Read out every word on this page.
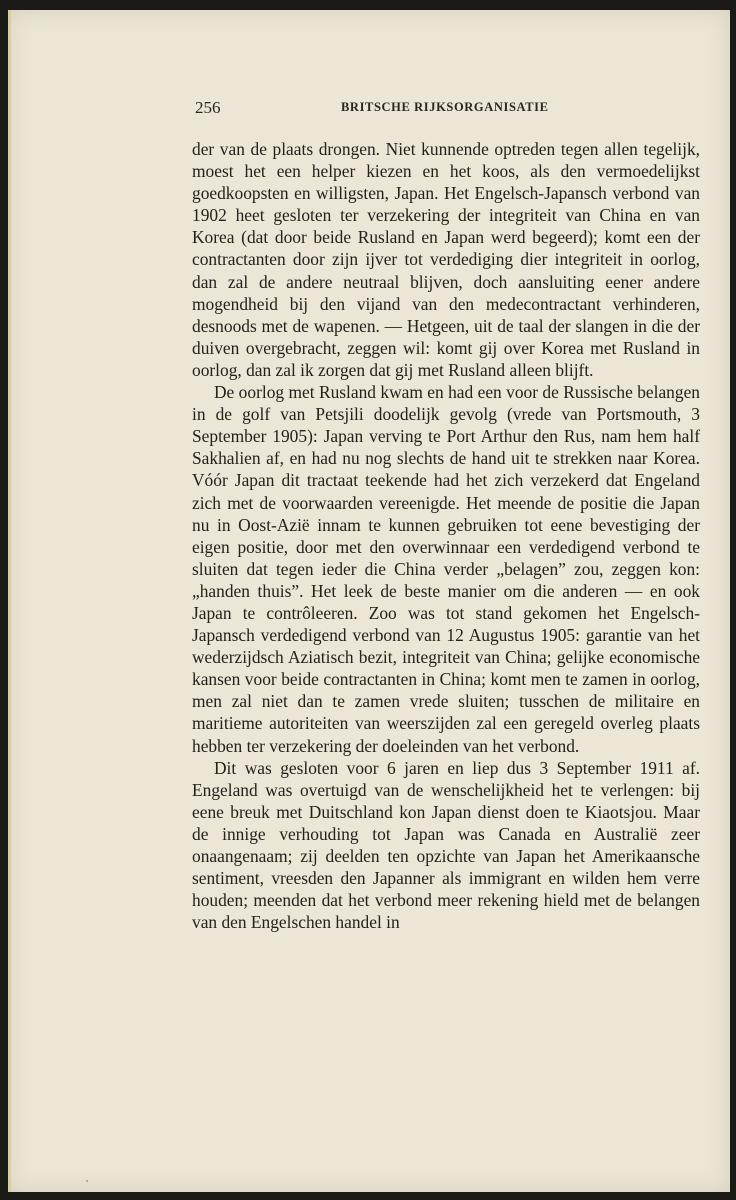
256	BRITSCHE RIJKSORGANISATIE

der van de plaats drongen. Niet kunnende optreden tegen allen tegelijk, moest het een helper kiezen en het koos, als den vermoedelijkst goedkoopsten en willigsten, Japan. Het Engelsch-Japansch verbond van 1902 heet gesloten ter verzekering der integriteit van China en van Korea (dat door beide Rusland en Japan werd begeerd); komt een der contractanten door zijn ijver tot verdediging dier integriteit in oorlog, dan zal de andere neutraal blijven, doch aansluiting eener andere mogendheid bij den vijand van den medecontractant verhinderen, desnoods met de wapenen. — Hetgeen, uit de taal der slangen in die der duiven overgebracht, zeggen wil: komt gij over Korea met Rusland in oorlog, dan zal ik zorgen dat gij met Rusland alleen blijft.

De oorlog met Rusland kwam en had een voor de Russische belangen in de golf van Petsjili doodelijk gevolg (vrede van Portsmouth, 3 September 1905): Japan verving te Port Arthur den Rus, nam hem half Sakhalien af, en had nu nog slechts de hand uit te strekken naar Korea. Vóór Japan dit tractaat teekende had het zich verzekerd dat Engeland zich met de voorwaarden vereenigde. Het meende de positie die Japan nu in Oost-Azië innam te kunnen gebruiken tot eene bevestiging der eigen positie, door met den overwinnaar een verdedigend verbond te sluiten dat tegen ieder die China verder „belagen” zou, zeggen kon: „handen thuis”. Het leek de beste manier om die anderen — en ook Japan te contrôleeren. Zoo was tot stand gekomen het Engelsch-Japansch verdedigend verbond van 12 Augustus 1905: garantie van het wederzijdsch Aziatisch bezit, integriteit van China; gelijke economische kansen voor beide contractanten in China; komt men te zamen in oorlog, men zal niet dan te zamen vrede sluiten; tusschen de militaire en maritieme autoriteiten van weerszijden zal een geregeld overleg plaats hebben ter verzekering der doeleinden van het verbond.

Dit was gesloten voor 6 jaren en liep dus 3 September 1911 af. Engeland was overtuigd van de wenschelijkheid het te verlengen: bij eene breuk met Duitschland kon Japan dienst doen te Kiaotsjou. Maar de innige verhouding tot Japan was Canada en Australië zeer onaangenaam; zij deelden ten opzichte van Japan het Amerikaansche sentiment, vreesden den Japanner als immigrant en wilden hem verre houden; meenden dat het verbond meer rekening hield met de belangen van den Engelschen handel in
